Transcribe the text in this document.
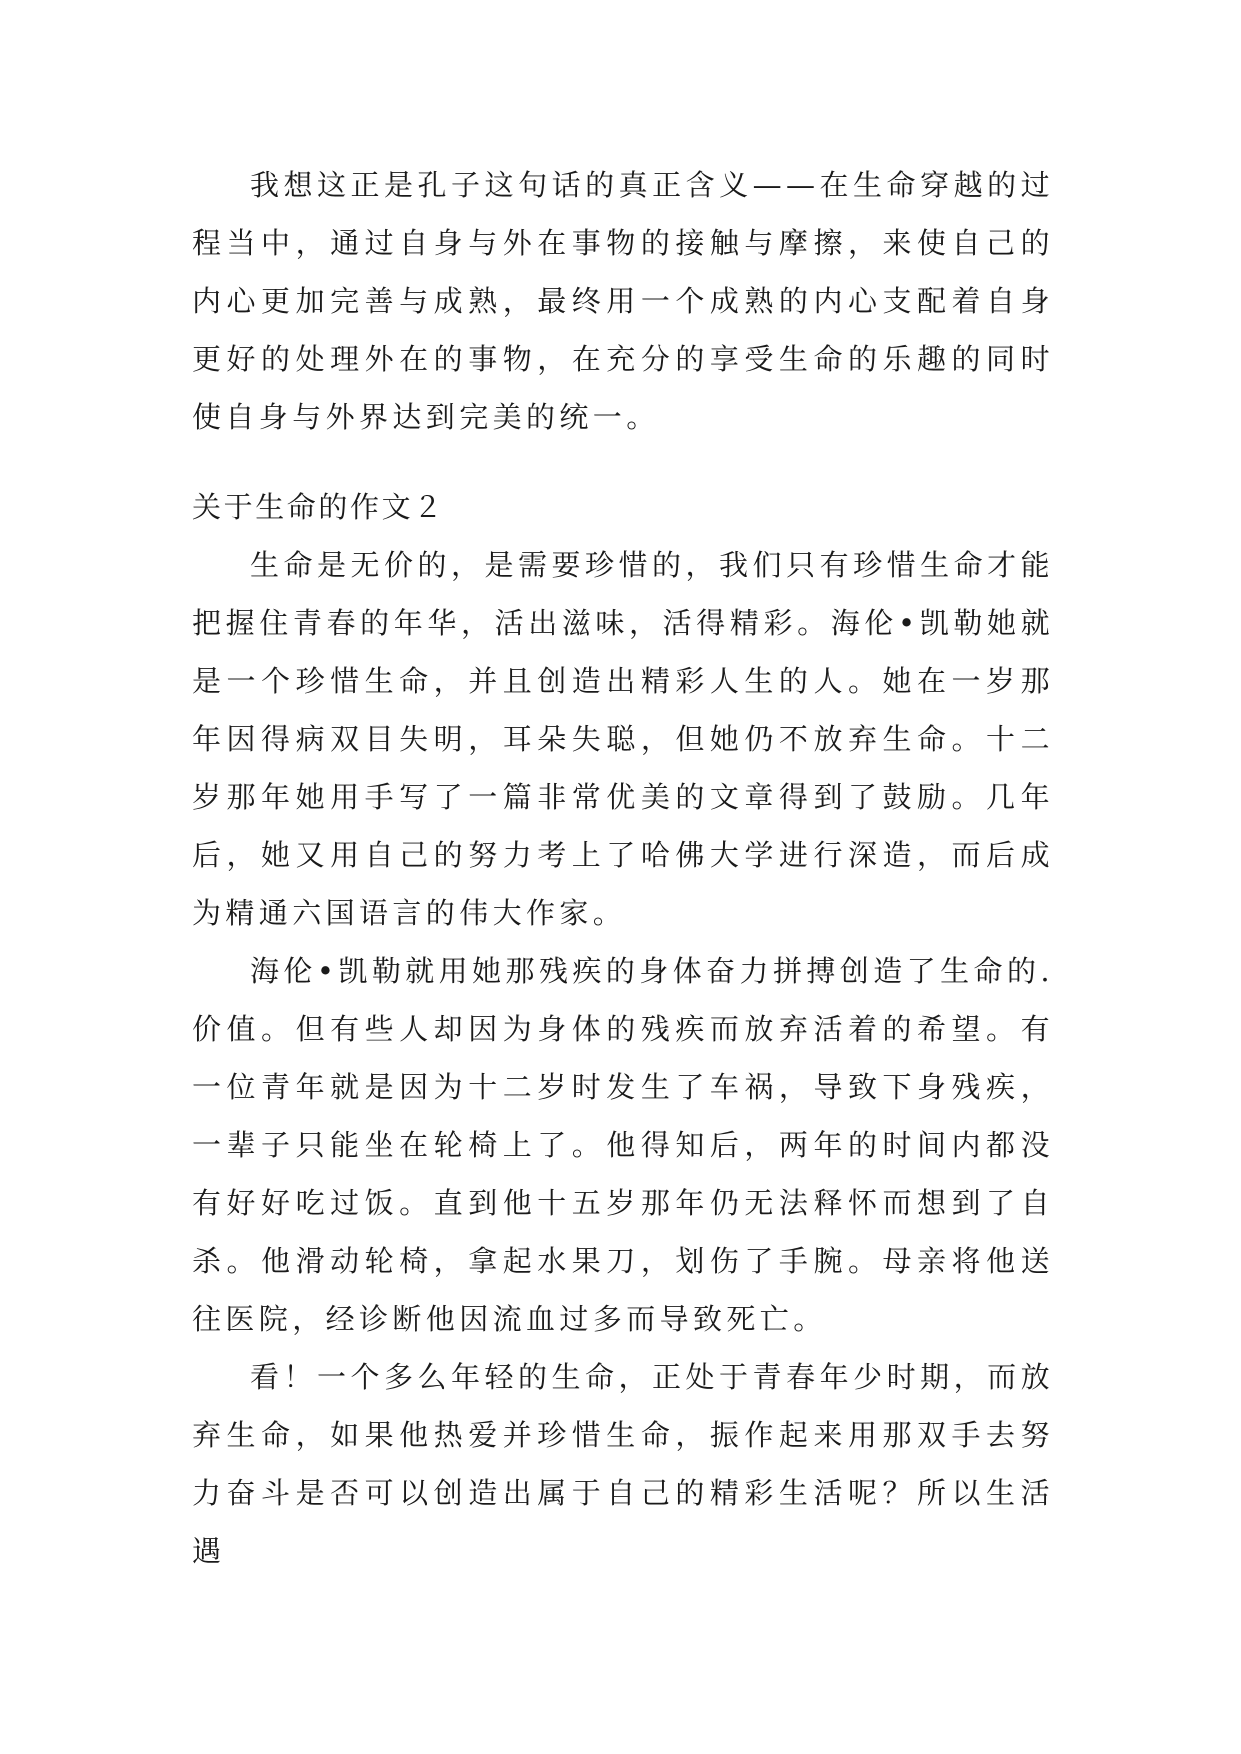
我想这正是孔子这句话的真正含义——在生命穿越的过程当中，通过自身与外在事物的接触与摩擦，来使自己的内心更加完善与成熟，最终用一个成熟的内心支配着自身更好的处理外在的事物，在充分的享受生命的乐趣的同时使自身与外界达到完美的统一。

关于生命的作文２

生命是无价的，是需要珍惜的，我们只有珍惜生命才能把握住青春的年华，活出滋味，活得精彩。海伦•凯勒她就是一个珍惜生命，并且创造出精彩人生的人。她在一岁那年因得病双目失明，耳朵失聪，但她仍不放弃生命。十二岁那年她用手写了一篇非常优美的文章得到了鼓励。几年后，她又用自己的努力考上了哈佛大学进行深造，而后成为精通六国语言的伟大作家。

海伦•凯勒就用她那残疾的身体奋力拼搏创造了生命的.价值。但有些人却因为身体的残疾而放弃活着的希望。有一位青年就是因为十二岁时发生了车祸，导致下身残疾，一辈子只能坐在轮椅上了。他得知后，两年的时间内都没有好好吃过饭。直到他十五岁那年仍无法释怀而想到了自杀。他滑动轮椅，拿起水果刀，划伤了手腕。母亲将他送往医院，经诊断他因流血过多而导致死亡。

看！一个多么年轻的生命，正处于青春年少时期，而放弃生命，如果他热爱并珍惜生命，振作起来用那双手去努力奋斗是否可以创造出属于自己的精彩生活呢？所以生活遇
